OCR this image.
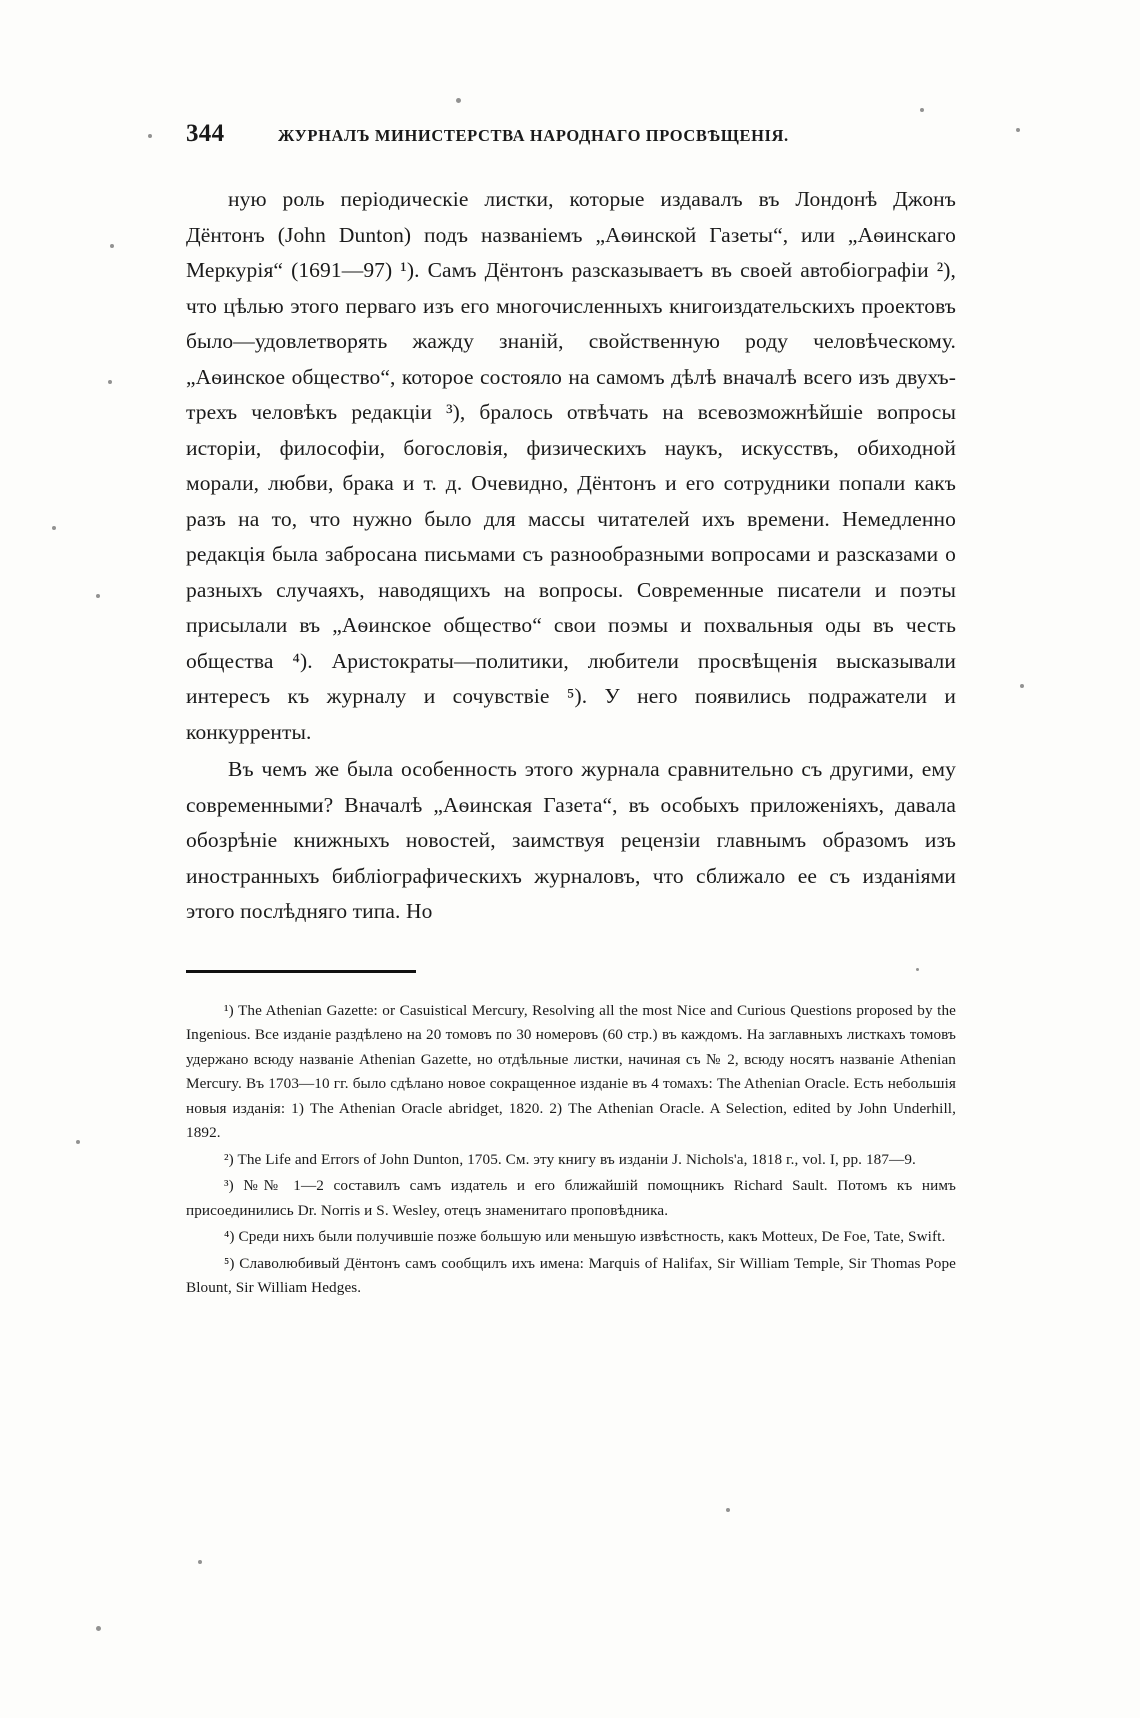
344	ЖУРНАЛЪ МИНИСТЕРСТВА НАРОДНАГО ПРОСВѢЩЕНІЯ.

ную роль періодическіе листки, которые издавалъ въ Лондонѣ Джонъ Дёнтонъ (John Dunton) подъ названіемъ „Аѳинской Газеты“, или „Аѳинскаго Меркурія“ (1691—97) ¹). Самъ Дёнтонъ разсказываетъ въ своей автобіографіи ²), что цѣлью этого перваго изъ его многочисленныхъ книгоиздательскихъ проектовъ было—удовлетворять жажду знаній, свойственную роду человѣческому. „Аѳинское общество“, которое состояло на самомъ дѣлѣ вначалѣ всего изъ двухъ-трехъ человѣкъ редакціи ³), бралось отвѣчать на всевозможнѣйшіе вопросы исторіи, философіи, богословія, физическихъ наукъ, искусствъ, обиходной морали, любви, брака и т. д. Очевидно, Дёнтонъ и его сотрудники попали какъ разъ на то, что нужно было для массы читателей ихъ времени. Немедленно редакція была забросана письмами съ разнообразными вопросами и разсказами о разныхъ случаяхъ, наводящихъ на вопросы. Современные писатели и поэты присылали въ „Аѳинское общество“ свои поэмы и похвальныя оды въ честь общества ⁴). Аристократы—политики, любители просвѣщенія высказывали интересъ къ журналу и сочувствіе ⁵). У него появились подражатели и конкурренты.

Въ чемъ же была особенность этого журнала сравнительно съ другими, ему современными? Вначалѣ „Аѳинская Газета“, въ особыхъ приложеніяхъ, давала обозрѣніе книжныхъ новостей, заимствуя рецензіи главнымъ образомъ изъ иностранныхъ библіографическихъ журналовъ, что сближало ее съ изданіями этого послѣдняго типа. Но

¹) The Athenian Gazette: or Casuistical Mercury, Resolving all the most Nice and Curious Questions proposed by the Ingenious. Все изданіе раздѣлено на 20 томовъ по 30 номеровъ (60 стр.) въ каждомъ. На заглавныхъ листкахъ томовъ удержано всюду названіе Athenian Gazette, но отдѣльные листки, начиная съ № 2, всюду носятъ названіе Athenian Mercury. Въ 1703—10 гг. было сдѣлано новое сокращенное изданіе въ 4 томахъ: The Athenian Oracle. Есть небольшія новыя изданія: 1) The Athenian Oracle abridget, 1820. 2) The Athenian Oracle. A Selection, edited by John Underhill, 1892.

²) The Life and Errors of John Dunton, 1705. См. эту книгу въ изданіи J. Nichols'a, 1818 г., vol. I, pp. 187—9.

³) №№ 1—2 составилъ самъ издатель и его ближайшій помощникъ Richard Sault. Потомъ къ нимъ присоединились Dr. Norris и S. Wesley, отецъ знаменитаго проповѣдника.

⁴) Среди нихъ были получившіе позже большую или меньшую извѣстность, какъ Motteux, De Foe, Tate, Swift.

⁵) Славолюбивый Дёнтонъ самъ сообщилъ ихъ имена: Marquis of Halifax, Sir William Temple, Sir Thomas Pope Blount, Sir William Hedges.
